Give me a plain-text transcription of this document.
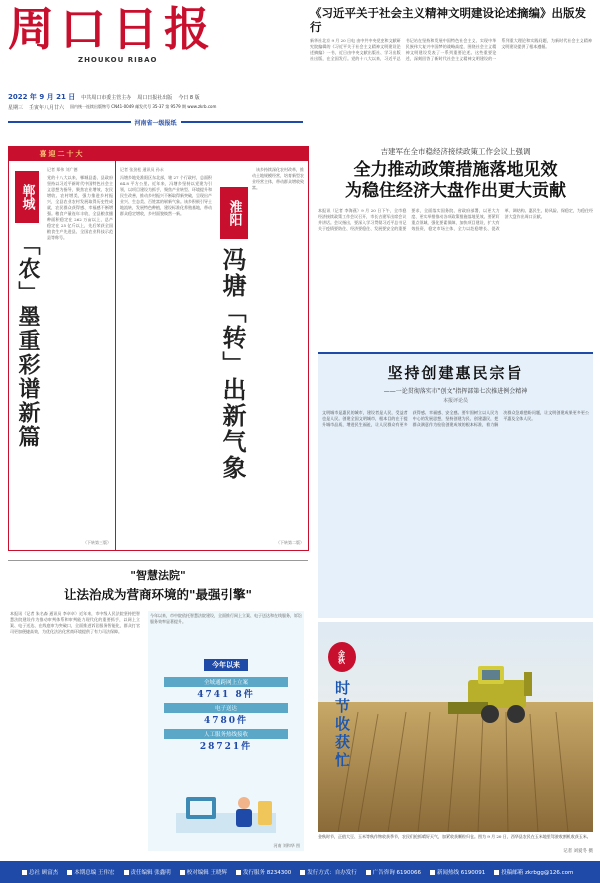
周口日报
ZHOUKOU RIBAO
2022 年 9 月 21 日 中共周口市委主管主办 周口日报社出版 今日 8 版
星期三 壬寅年八月廿六 国内统一连续出版物号 CN41-0049 邮发代号 35-37 第 9579 期 www.zkrb.com
河南省一级报纸
《习近平关于社会主义精神文明建设论述摘编》出版发行
新华社北京 9 月 20 日电 由中共中央党史和文献研究院编辑的《习近平关于社会主义精神文明建设论述摘编》一书，近日由中央文献出版社、学习出版社出版，在全国发行。党的十八大以来，习近平总书记站在坚持和发展中国特色社会主义、实现中华民族伟大复兴中国梦的战略高度，围绕社会主义精神文明建设发表了一系列重要论述。这些重要论述，深刻回答了新时代社会主义精神文明建设的一系列重大理论和实践问题，为新时代社会主义精神文明建设提供了根本遵循。
喜迎二十大
郸城
「农」墨重彩谱新篇
记者 郑伟 刘广德
党的十八大以来，郸城县委、县政府坚持以习近平新时代中国特色社会主义思想为指导，聚焦农业增效、农民增收、农村增美，强力推进乡村振兴，全县农业农村发展取得历史性成就，农民群众获得感、幸福感不断增强。粮食产量连年丰收，全县粮食播种面积稳定在 262 万亩以上，总产稳定在 25 亿斤以上，先后荣获全国粮食生产先进县、全国农业科技示范县等称号。
（下转第三版）
记者 张劲松 通讯员 孙永
冯塘乡地处淮阳区东北部，辖 27 个行政村，总面积 64.8 平方公里。近年来，冯塘乡坚持以党建为引领，以项目建设为抓手，聚焦产业转型、环境提升和民生改善，推动乡村振兴不断取得新突破，呈现出产业兴、生态美、百姓富的崭新气象。该乡积极引导土地流转，发展特色种植，建设标准化养殖基地，带动群众稳定增收，乡村面貌焕然一新。	淮阳
冯塘「转」出新气象
　该乡持续深化农村改革，推动土地规模经营，培育新型农业经营主体，带动群众增收致富。
（下转第二版）
吉建军在全市稳经济接续政策工作会议上强调
全力推动政策措施落地见效
为稳住经济大盘作出更大贡献
本报讯（记者 李海燕）9 月 20 日下午，全市稳经济接续政策工作会议召开，市长吉建军出席会议并讲话。会议指出，要深入学习贯彻习近平总书记关于疫情要防住、经济要稳住、发展要安全的重要要求，全面落实国务院、省政府部署，以更大力度、更实举措推动各项政策措施落地见效。要紧盯重点领域，强化要素保障，加快项目建设，扩大有效投资，稳定市场主体，全力以赴稳增长、促改革、调结构、惠民生、防风险、保稳定，为稳住经济大盘作出周口贡献。
坚持创建惠民宗旨
——一论贯彻落实市"创文"指挥部第七次推进例会精神
本报评论员
文明城市是惠民的城市，建设者是人民，受益者也是人民。创建全国文明城市，根本目的在于提升城市品质，增进民生福祉，让人民群众有更多获得感、幸福感、安全感。要牢固树立以人民为中心的发展思想，坚持创建为民、创建惠民，把群众满意作为检验创建成效的根本标准，着力解决群众急难愁盼问题，让文明创建成果更多更公平惠及全体人民。
"智慧法院"
让法治成为营商环境的"最强引擎"
本报讯（记者 朱名森 通讯员 李卓卓）近年来，市中级人民法院坚持把智慧法院建设作为推动审判体系和审判能力现代化的重要抓手，以网上立案、电子送达、在线庭审为突破口，全面推进诉讼服务智能化，群众打官司更加便捷高效，为优化法治化营商环境提供了有力司法保障。
今年以来，市中院依托智慧法院建设，全面推行网上立案、电子送达和在线服务，诉讼服务效率显著提升。
今年以来
全域通跨网上立案
4741 8件
电子送达
4780件
人工服务热线接收
28721件
河南 刘和华 图
金秋
时节收获忙
金秋时节，正值大豆、玉米等秋作物收获季节，农民们抢抓晴好天气，加紧收获颗粒归仓。图为 9 月 20 日，西华县农民在玉米地里驾驶收割机收获玉米。
记者 刘爱冬 摄
总社 顾富杰	本期总编 王伟宏	责任编辑 张鑫明	校对编辑 王晓辉	发行服务 8234300	发行方式：自办发行	广告咨询 6190066	新闻热线 6190091	投稿邮箱 zkrbgg@126.com
